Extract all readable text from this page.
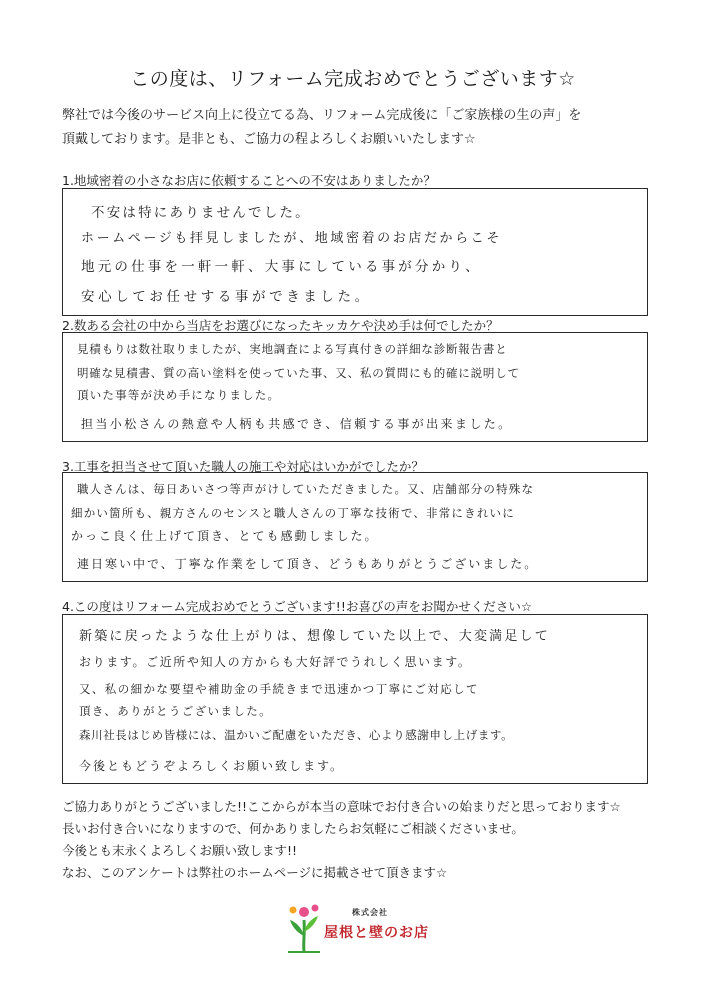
この度は、リフォーム完成おめでとうございます☆
弊社では今後のサービス向上に役立てる為、リフォーム完成後に「ご家族様の生の声」を
頂戴しております。是非とも、ご協力の程よろしくお願いいたします☆
1.地域密着の小さなお店に依頼することへの不安はありましたか？
不安は特にありませんでした。
ホームページも拝見しましたが、地域密着のお店だからこそ
地元の仕事を一軒一軒、大事にしている事が分かり、
安心してお任せする事ができました。
2.数ある会社の中から当店をお選びになったキッカケや決め手は何でしたか？
見積もりは数社取りましたが、実地調査による写真付きの詳細な診断報告書と
明確な見積書、質の高い塗料を使っていた事、又、私の質問にも的確に説明して
頂いた事等が決め手になりました。
担当小松さんの熱意や人柄も共感でき、信頼する事が出来ました。
3.工事を担当させて頂いた職人の施工や対応はいかがでしたか？
職人さんは、毎日あいさつ等声がけしていただきました。又、店舗部分の特殊な
細かい箇所も、親方さんのセンスと職人さんの丁寧な技術で、非常にきれいに
かっこ良く仕上げて頂き、とても感動しました。
連日寒い中で、丁寧な作業をして頂き、どうもありがとうございました。
4.この度はリフォーム完成おめでとうございます!!お喜びの声をお聞かせください☆
新築に戻ったような仕上がりは、想像していた以上で、大変満足して
おります。ご近所や知人の方からも大好評でうれしく思います。
又、私の細かな要望や補助金の手続きまで迅速かつ丁寧にご対応して
頂き、ありがとうございました。
森川社長はじめ皆様には、温かいご配慮をいただき、心より感謝申し上げます。
今後ともどうぞよろしくお願い致します。
ご協力ありがとうございました!!ここからが本当の意味でお付き合いの始まりだと思っております☆
長いお付き合いになりますので、何かありましたらお気軽にご相談くださいませ。
今後とも末永くよろしくお願い致します!!
なお、このアンケートは弊社のホームページに掲載させて頂きます☆
株式会社
屋根と壁のお店
